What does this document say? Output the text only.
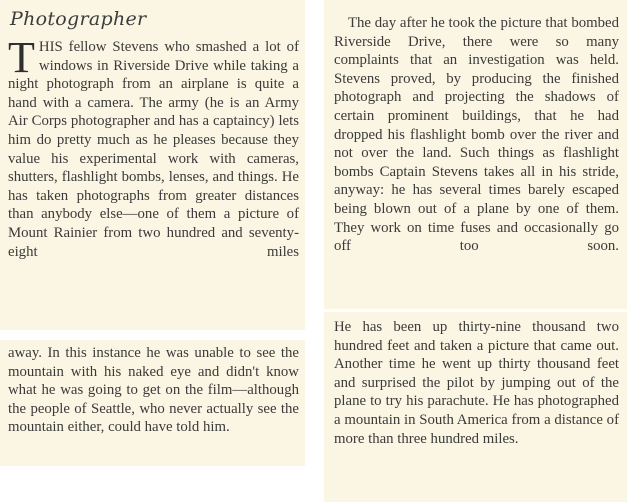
Photographer

THIS fellow Stevens who smashed a lot of windows in Riverside Drive while taking a night photograph from an airplane is quite a hand with a camera. The army (he is an Army Air Corps photographer and has a captaincy) lets him do pretty much as he pleases because they value his experimental work with cameras, shutters, flashlight bombs, lenses, and things. He has taken photographs from greater distances than anybody else—one of them a picture of Mount Rainier from two hundred and seventy-eight miles

away. In this instance he was unable to see the mountain with his naked eye and didn't know what he was going to get on the film—although the people of Seattle, who never actually see the mountain either, could have told him.

The day after he took the picture that bombed Riverside Drive, there were so many complaints that an investigation was held. Stevens proved, by producing the finished photograph and projecting the shadows of certain prominent buildings, that he had dropped his flashlight bomb over the river and not over the land. Such things as flashlight bombs Captain Stevens takes all in his stride, anyway: he has several times barely escaped being blown out of a plane by one of them. They work on time fuses and occasionally go off too soon.

He has been up thirty-nine thousand two hundred feet and taken a picture that came out. Another time he went up thirty thousand feet and surprised the pilot by jumping out of the plane to try his parachute. He has photographed a mountain in South America from a distance of more than three hundred miles.
